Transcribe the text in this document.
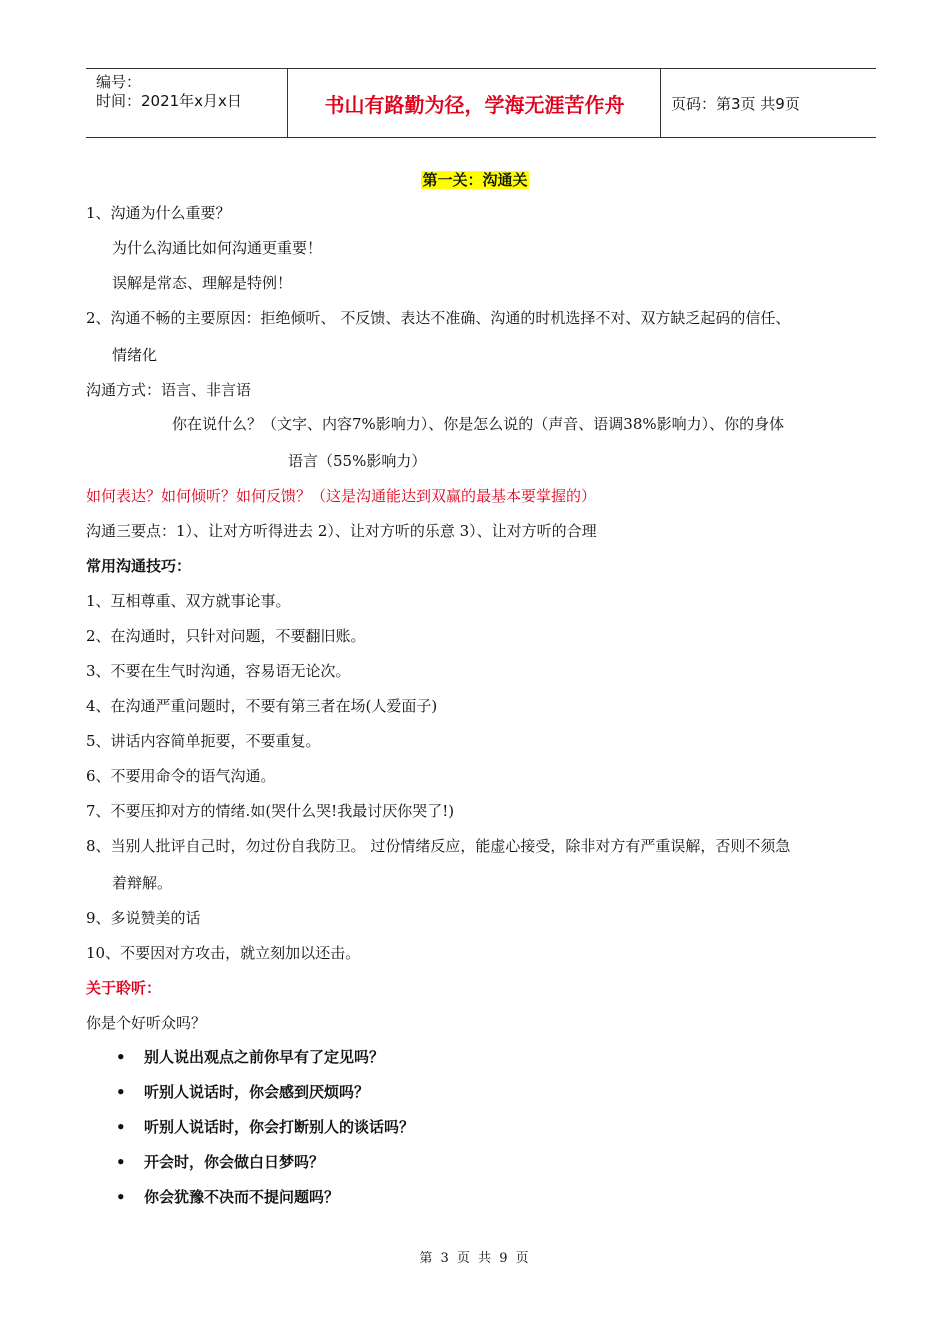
编号：
时间：2021年x月x日	书山有路勤为径，学海无涯苦作舟	页码：第3页 共9页
第一关：沟通关
1、沟通为什么重要？
为什么沟通比如何沟通更重要！
误解是常态、理解是特例！
2、沟通不畅的主要原因：拒绝倾听、 不反馈、表达不准确、沟通的时机选择不对、双方缺乏起码的信任、
情绪化
沟通方式：语言、非言语
你在说什么？（文字、内容7%影响力）、你是怎么说的（声音、语调38%影响力）、你的身体
语言（55%影响力）
如何表达？如何倾听？如何反馈？（这是沟通能达到双赢的最基本要掌握的）
沟通三要点：1）、让对方听得进去 2）、让对方听的乐意 3）、让对方听的合理
常用沟通技巧：
1、互相尊重、双方就事论事。
2、在沟通时，只针对问题，不要翻旧账。
3、不要在生气时沟通，容易语无论次。
4、在沟通严重问题时，不要有第三者在场(人爱面子)
5、讲话内容简单扼要，不要重复。
6、不要用命令的语气沟通。
7、不要压抑对方的情绪.如(哭什么哭!我最讨厌你哭了!)
8、当别人批评自己时，勿过份自我防卫。 过份情绪反应，能虚心接受，除非对方有严重误解，否则不须急
着辩解。
9、多说赞美的话
10、不要因对方攻击，就立刻加以还击。
关于聆听：
你是个好听众吗？
• 别人说出观点之前你早有了定见吗？
• 听别人说话时，你会感到厌烦吗？
• 听别人说话时，你会打断别人的谈话吗？
• 开会时，你会做白日梦吗？
• 你会犹豫不决而不提问题吗？
第 3 页 共 9 页
